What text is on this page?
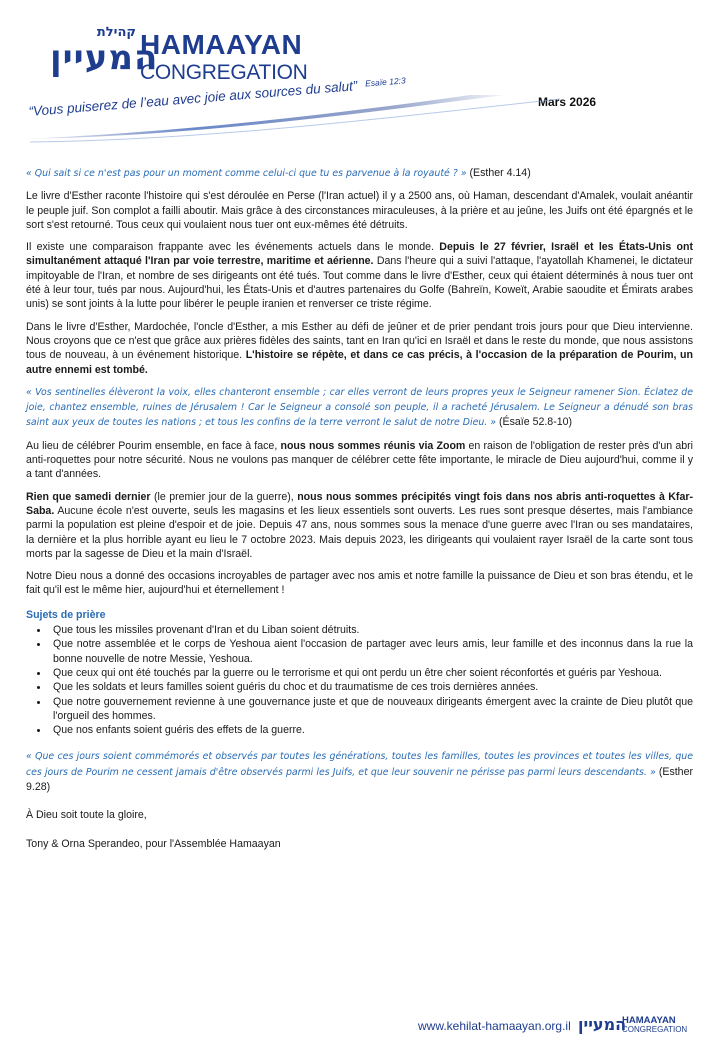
קהילת
המעיין
HAMAAYAN
CONGREGATION
Mars 2026
“Vous puiserez de l’eau avec joie aux sources du salut” $^{Esaïe 12:3}$

« Qui sait si ce n'est pas pour un moment comme celui-ci que tu es parvenue à la royauté ? » (Esther 4.14)

Le livre d'Esther raconte l'histoire qui s'est déroulée en Perse (l'Iran actuel) il y a 2500 ans, où Haman, descendant d'Amalek, voulait anéantir le peuple juif. Son complot a failli aboutir. Mais grâce à des circonstances miraculeuses, à la prière et au jeûne, les Juifs ont été épargnés et le sort s'est retourné. Tous ceux qui voulaient nous tuer ont eux-mêmes été détruits.

Il existe une comparaison frappante avec les événements actuels dans le monde. Depuis le 27 février, Israël et les États-Unis ont simultanément attaqué l'Iran par voie terrestre, maritime et aérienne. Dans l'heure qui a suivi l'attaque, l'ayatollah Khamenei, le dictateur impitoyable de l'Iran, et nombre de ses dirigeants ont été tués. Tout comme dans le livre d'Esther, ceux qui étaient déterminés à nous tuer ont été à leur tour, tués par nous. Aujourd'hui, les États-Unis et d'autres partenaires du Golfe (Bahreïn, Koweït, Arabie saoudite et Émirats arabes unis) se sont joints à la lutte pour libérer le peuple iranien et renverser ce triste régime.

Dans le livre d'Esther, Mardochée, l'oncle d'Esther, a mis Esther au défi de jeûner et de prier pendant trois jours pour que Dieu intervienne. Nous croyons que ce n'est que grâce aux prières fidèles des saints, tant en Iran qu'ici en Israël et dans le reste du monde, que nous assistons tous de nouveau, à un événement historique. L'histoire se répète, et dans ce cas précis, à l'occasion de la préparation de Pourim, un autre ennemi est tombé.

« Vos sentinelles élèveront la voix, elles chanteront ensemble ; car elles verront de leurs propres yeux le Seigneur ramener Sion. Éclatez de joie, chantez ensemble, ruines de Jérusalem ! Car le Seigneur a consolé son peuple, il a racheté Jérusalem. Le Seigneur a dénudé son bras saint aux yeux de toutes les nations ; et tous les confins de la terre verront le salut de notre Dieu. » (Ésaïe 52.8-10)

Au lieu de célébrer Pourim ensemble, en face à face, nous nous sommes réunis via Zoom en raison de l'obligation de rester près d'un abri anti-roquettes pour notre sécurité. Nous ne voulons pas manquer de célébrer cette fête importante, le miracle de Dieu aujourd'hui, comme il y a tant d'années.

Rien que samedi dernier (le premier jour de la guerre), nous nous sommes précipités vingt fois dans nos abris anti-roquettes à Kfar-Saba. Aucune école n'est ouverte, seuls les magasins et les lieux essentiels sont ouverts. Les rues sont presque désertes, mais l'ambiance parmi la population est pleine d'espoir et de joie. Depuis 47 ans, nous sommes sous la menace d'une guerre avec l'Iran ou ses mandataires, la dernière et la plus horrible ayant eu lieu le 7 octobre 2023. Mais depuis 2023, les dirigeants qui voulaient rayer Israël de la carte sont tous morts par la sagesse de Dieu et la main d'Israël.

Notre Dieu nous a donné des occasions incroyables de partager avec nos amis et notre famille la puissance de Dieu et son bras étendu, et le fait qu'il est le même hier, aujourd'hui et éternellement !

Sujets de prière
• Que tous les missiles provenant d'Iran et du Liban soient détruits.
• Que notre assemblée et le corps de Yeshoua aient l'occasion de partager avec leurs amis, leur famille et des inconnus dans la rue la bonne nouvelle de notre Messie, Yeshoua.
• Que ceux qui ont été touchés par la guerre ou le terrorisme et qui ont perdu un être cher soient réconfortés et guéris par Yeshoua.
• Que les soldats et leurs familles soient guéris du choc et du traumatisme de ces trois dernières années.
• Que notre gouvernement revienne à une gouvernance juste et que de nouveaux dirigeants émergent avec la crainte de Dieu plutôt que l'orgueil des hommes.
• Que nos enfants soient guéris des effets de la guerre.

« Que ces jours soient commémorés et observés par toutes les générations, toutes les familles, toutes les provinces et toutes les villes, que ces jours de Pourim ne cessent jamais d'être observés parmi les Juifs, et que leur souvenir ne périsse pas parmi leurs descendants. » (Esther 9.28)

À Dieu soit toute la gloire,

Tony & Orna Sperandeo, pour l'Assemblée Hamaayan

www.kehilat-hamaayan.org.il המעיין
HAMAAYAN
CONGREGATION
